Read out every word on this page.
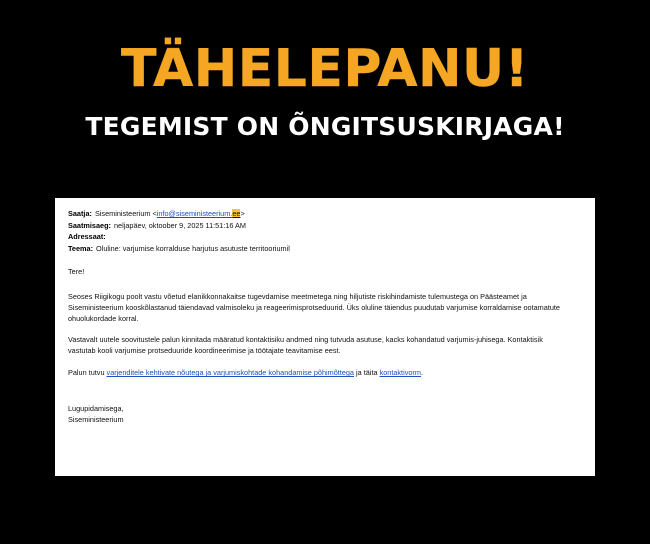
TÄHELEPANU!
TEGEMIST ON ÕNGITSUSKIRJAGA!
Saatja: Siseministeerium <info@siseministeerium.ee>
Saatmisaeg: neljapäev, oktoober 9, 2025 11:51:16 AM
Adressaat:
Teema: Oluline: varjumise korralduse harjutus asutuste territooriumil

Tere!

Seoses Riigikogu poolt vastu võetud elanikkonnakaitse tugevdamise meetmetega ning hiljutiste riskihindamiste tulemustega on Päästeamet ja Siseministeerium kooskõlastanud täiendavad valmisoleku ja reageerimisprotseduurid. Üks oluline täiendus puudutab varjumise korraldamise ootamatute ohuolukordade korral.

Vastavalt uutele soovitustele palun kinnitada määratud kontaktisiku andmed ning tutvuda asutuse, kacks kohandatud varjumis-juhisega. Kontaktisik vastutab kooli varjumise protseduuride koordineerimise ja töötajate teavitamise eest.

Palun tutvu varjenditele kehtivate nõutega ja varjumiskohtade kohandamise põhimõttega ja täita kontaktivorm.

Lugupidamisega,
Siseministeerium
